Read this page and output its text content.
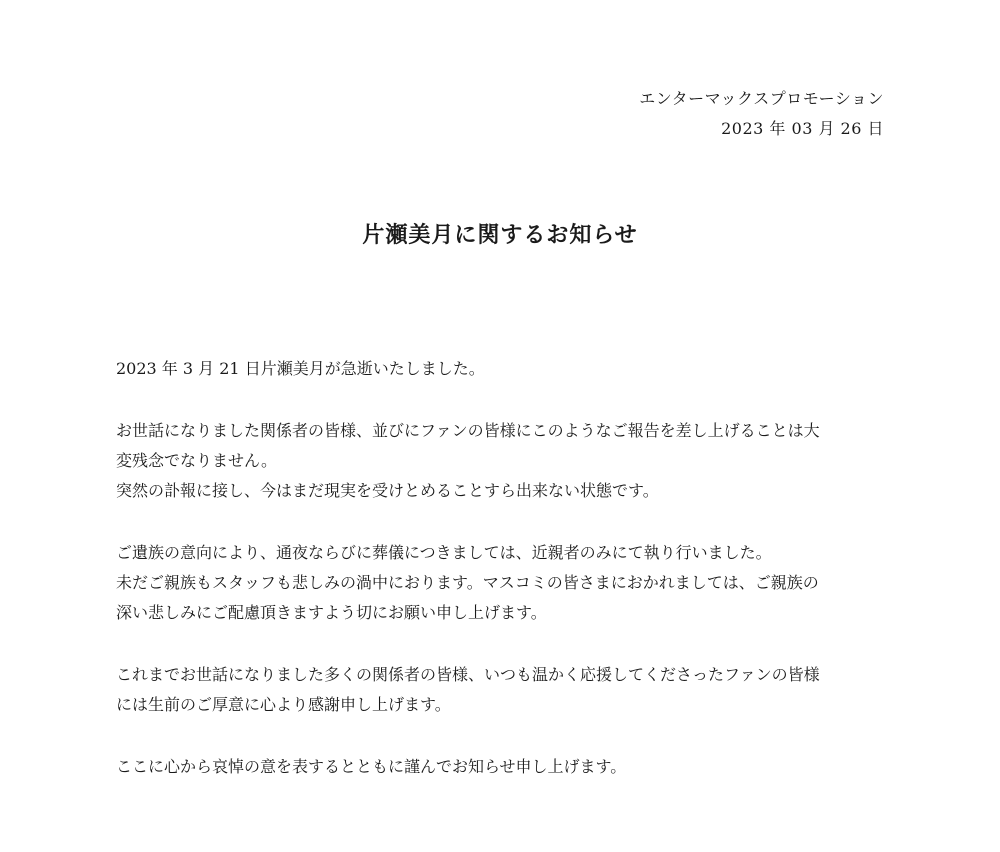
エンターマックスプロモーション
2023 年 03 月 26 日
片瀬美月に関するお知らせ

2023 年 3 月 21 日片瀬美月が急逝いたしました。

お世話になりました関係者の皆様、並びにファンの皆様にこのようなご報告を差し上げることは大
変残念でなりません。
突然の訃報に接し、今はまだ現実を受けとめることすら出来ない状態です。

ご遺族の意向により、通夜ならびに葬儀につきましては、近親者のみにて執り行いました。
未だご親族もスタッフも悲しみの渦中におります。マスコミの皆さまにおかれましては、ご親族の
深い悲しみにご配慮頂きますよう切にお願い申し上げます。

これまでお世話になりました多くの関係者の皆様、いつも温かく応援してくださったファンの皆様
には生前のご厚意に心より感謝申し上げます。

ここに心から哀悼の意を表するとともに謹んでお知らせ申し上げます。
